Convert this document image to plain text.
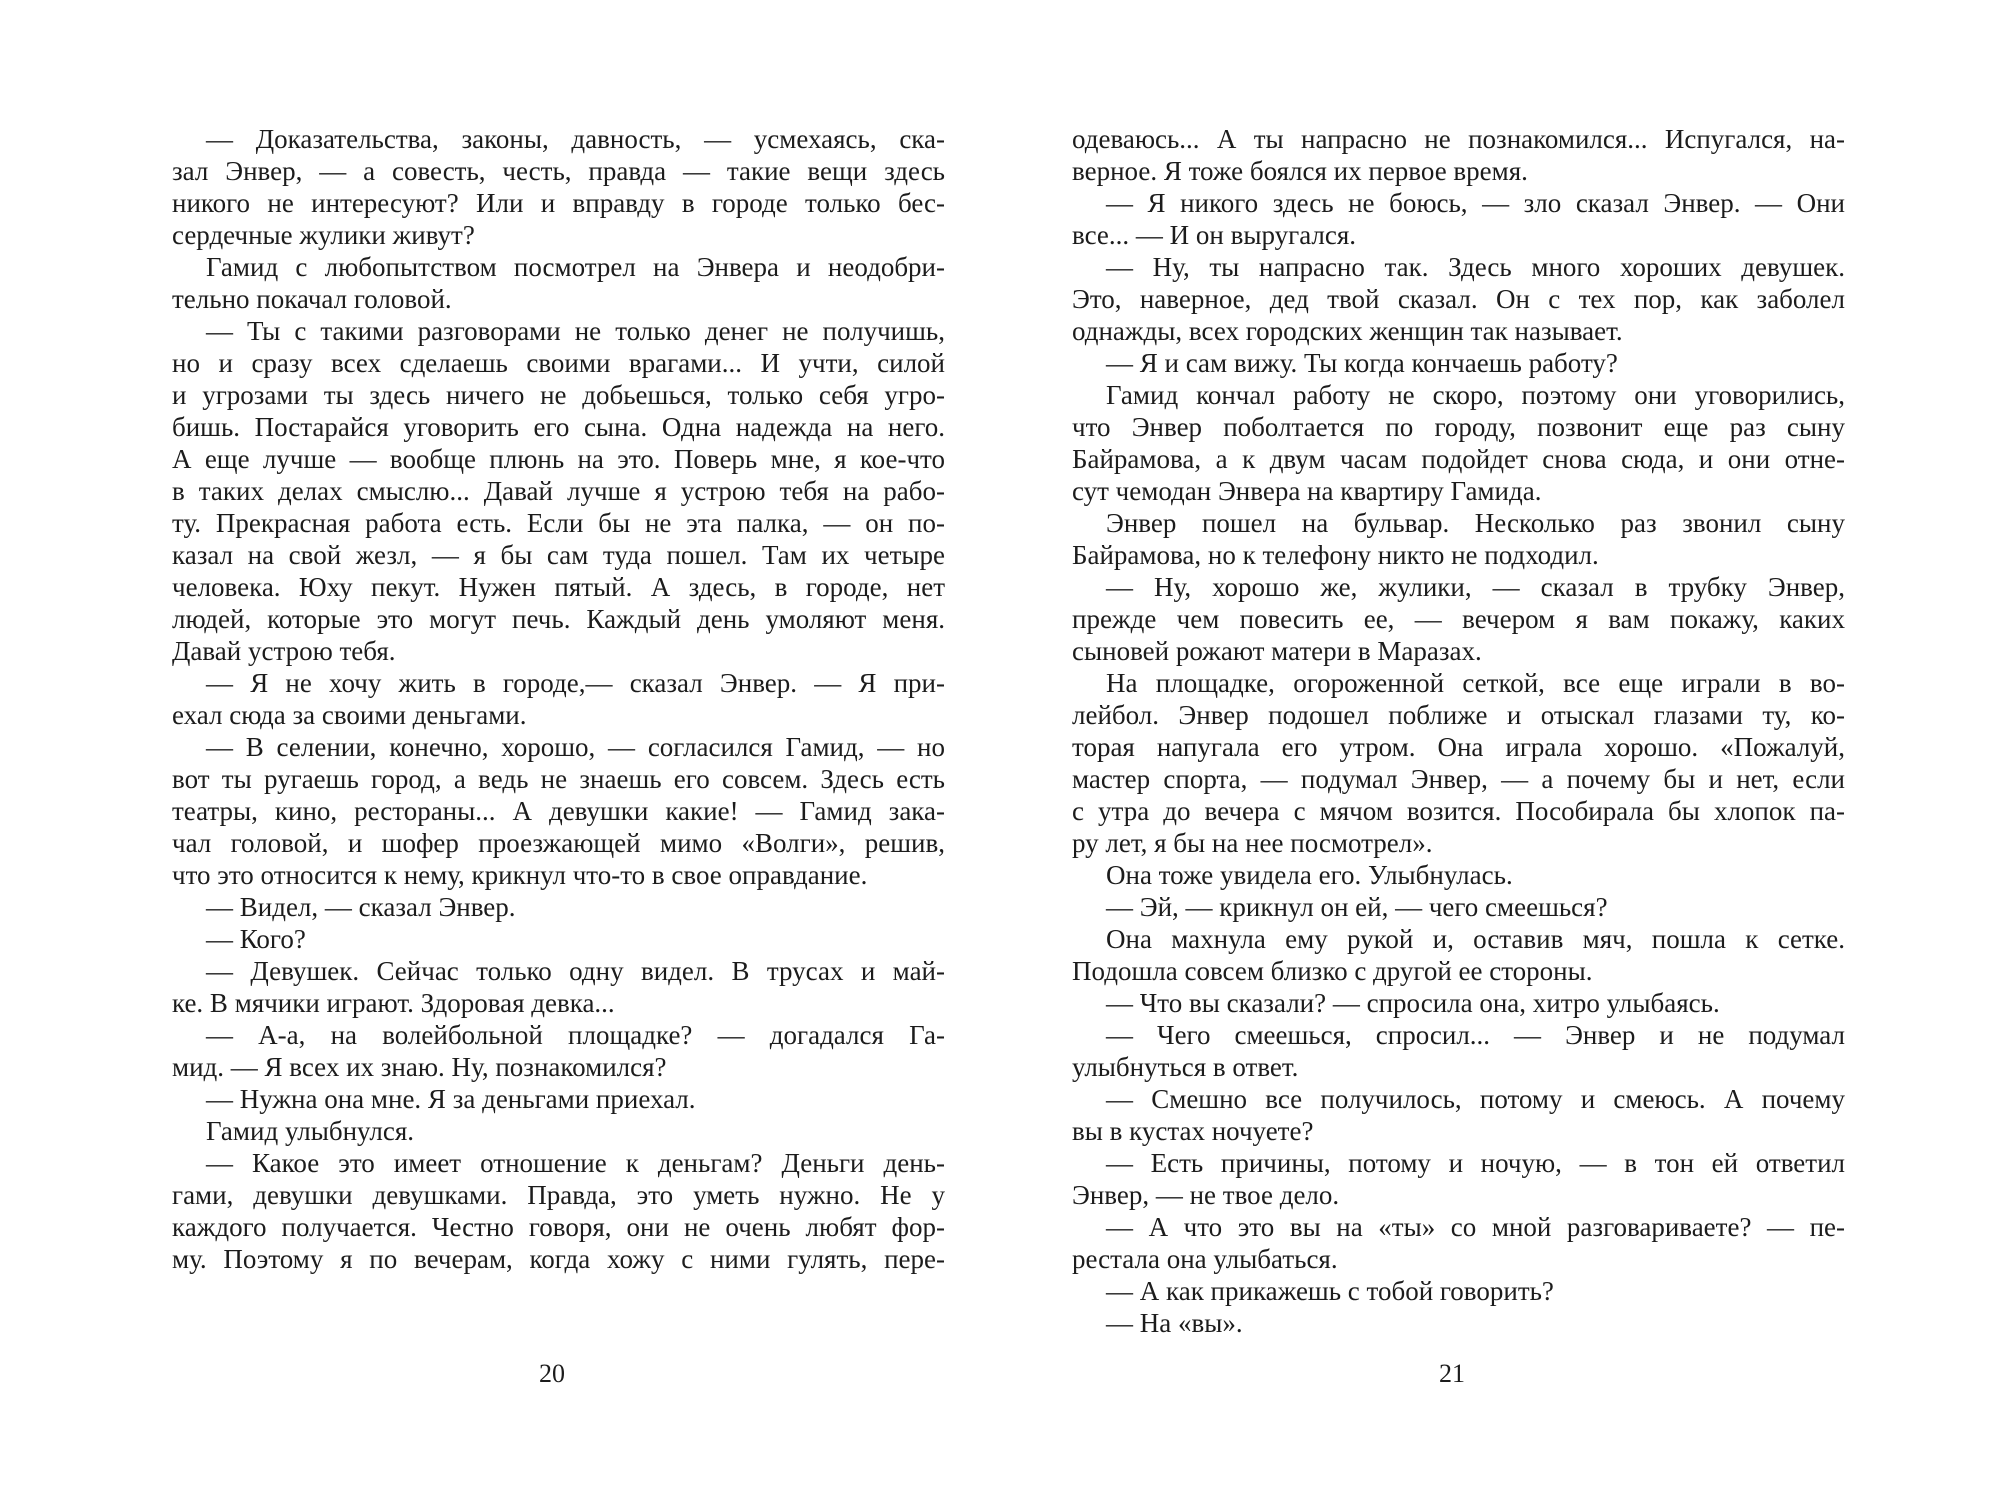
— Доказательства, законы, давность, — усмехаясь, ска-
зал Энвер, — а совесть, честь, правда — такие вещи здесь
никого не интересуют? Или и вправду в городе только бес-
сердечные жулики живут?
Гамид с любопытством посмотрел на Энвера и неодобри-
тельно покачал головой.
— Ты с такими разговорами не только денег не получишь,
но и сразу всех сделаешь своими врагами... И учти, силой
и угрозами ты здесь ничего не добьешься, только себя угро-
бишь. Постарайся уговорить его сына. Одна надежда на него.
А еще лучше — вообще плюнь на это. Поверь мне, я кое-что
в таких делах смыслю... Давай лучше я устрою тебя на рабо-
ту. Прекрасная работа есть. Если бы не эта палка, — он по-
казал на свой жезл, — я бы сам туда пошел. Там их четыре
человека. Юху пекут. Нужен пятый. А здесь, в городе, нет
людей, которые это могут печь. Каждый день умоляют меня.
Давай устрою тебя.
— Я не хочу жить в городе,— сказал Энвер. — Я при-
ехал сюда за своими деньгами.
— В селении, конечно, хорошо, — согласился Гамид, — но
вот ты ругаешь город, а ведь не знаешь его совсем. Здесь есть
театры, кино, рестораны... А девушки какие! — Гамид зака-
чал головой, и шофер проезжающей мимо «Волги», решив,
что это относится к нему, крикнул что-то в свое оправдание.
— Видел, — сказал Энвер.
— Кого?
— Девушек. Сейчас только одну видел. В трусах и май-
ке. В мячики играют. Здоровая девка...
— А-а, на волейбольной площадке? — догадался Га-
мид. — Я всех их знаю. Ну, познакомился?
— Нужна она мне. Я за деньгами приехал.
Гамид улыбнулся.
— Какое это имеет отношение к деньгам? Деньги день-
гами, девушки девушками. Правда, это уметь нужно. Не у
каждого получается. Честно говоря, они не очень любят фор-
му. Поэтому я по вечерам, когда хожу с ними гулять, пере-
20
одеваюсь... А ты напрасно не познакомился... Испугался, на-
верное. Я тоже боялся их первое время.
— Я никого здесь не боюсь, — зло сказал Энвер. — Они
все... — И он выругался.
— Ну, ты напрасно так. Здесь много хороших девушек.
Это, наверное, дед твой сказал. Он с тех пор, как заболел
однажды, всех городских женщин так называет.
— Я и сам вижу. Ты когда кончаешь работу?
Гамид кончал работу не скоро, поэтому они уговорились,
что Энвер поболтается по городу, позвонит еще раз сыну
Байрамова, а к двум часам подойдет снова сюда, и они отне-
сут чемодан Энвера на квартиру Гамида.
Энвер пошел на бульвар. Несколько раз звонил сыну
Байрамова, но к телефону никто не подходил.
— Ну, хорошо же, жулики, — сказал в трубку Энвер,
прежде чем повесить ее, — вечером я вам покажу, каких
сыновей рожают матери в Маразах.
На площадке, огороженной сеткой, все еще играли в во-
лейбол. Энвер подошел поближе и отыскал глазами ту, ко-
торая напугала его утром. Она играла хорошо. «Пожалуй,
мастер спорта, — подумал Энвер, — а почему бы и нет, если
с утра до вечера с мячом возится. Пособирала бы хлопок па-
ру лет, я бы на нее посмотрел».
Она тоже увидела его. Улыбнулась.
— Эй, — крикнул он ей, — чего смеешься?
Она махнула ему рукой и, оставив мяч, пошла к сетке.
Подошла совсем близко с другой ее стороны.
— Что вы сказали? — спросила она, хитро улыбаясь.
— Чего смеешься, спросил... — Энвер и не подумал
улыбнуться в ответ.
— Смешно все получилось, потому и смеюсь. А почему
вы в кустах ночуете?
— Есть причины, потому и ночую, — в тон ей ответил
Энвер, — не твое дело.
— А что это вы на «ты» со мной разговариваете? — пе-
рестала она улыбаться.
— А как прикажешь с тобой говорить?
— На «вы».
21
